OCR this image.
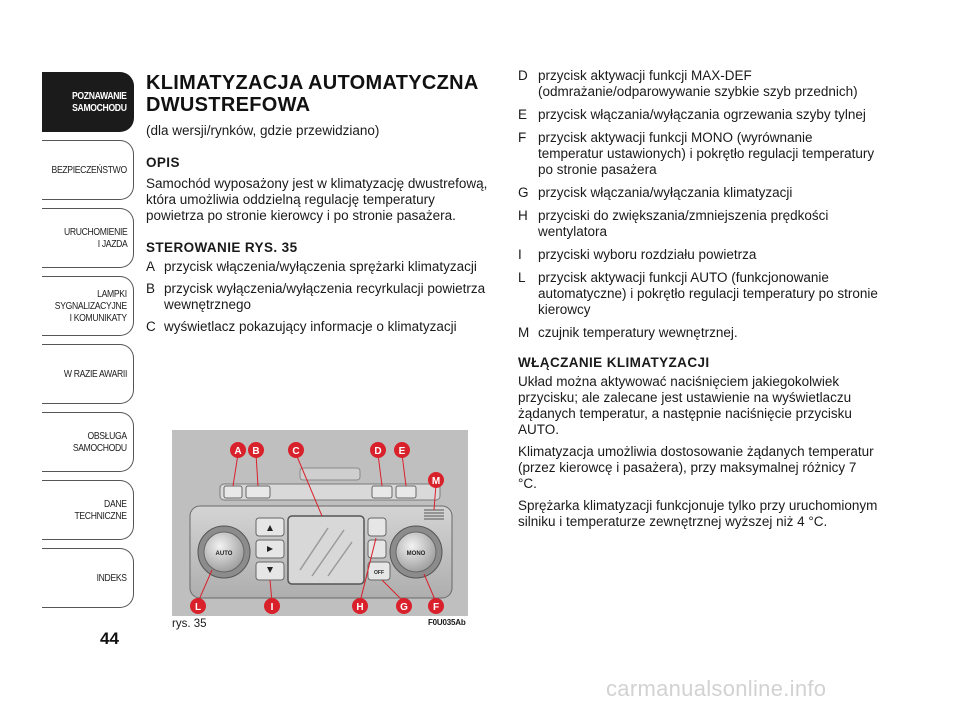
POZNAWANIE
SAMOCHODU
BEZPIECZEŃSTWO
URUCHOMIENIE
I JAZDA
LAMPKI
SYGNALIZACYJNE
I KOMUNIKATY
W RAZIE AWARII
OBSŁUGA
SAMOCHODU
DANE
TECHNICZNE
INDEKS
44
KLIMATYZACJA AUTOMATYCZNA
DWUSTREFOWA

(dla wersji/rynków, gdzie przewidziano)

OPIS

Samochód wyposażony jest w klimatyzację dwustrefową, która umożliwia oddzielną regulację temperatury powietrza po stronie kierowcy i po stronie pasażera.

STEROWANIE RYS. 35
A przycisk włączenia/wyłączenia sprężarki klimatyzacji
B przycisk wyłączenia/wyłączenia recyrkulacji powietrza wewnętrznego
C wyświetlacz pokazujący informacje o klimatyzacji
AUTO	MONO
OFF
A B	C	D E
M
L	I	H	G	F
rys. 35	F0U035Ab
D przycisk aktywacji funkcji MAX-DEF (odmrażanie/odparowywanie szybkie szyb przednich)
E przycisk włączania/wyłączania ogrzewania szyby tylnej
F przycisk aktywacji funkcji MONO (wyrównanie temperatur ustawionych) i pokrętło regulacji temperatury po stronie pasażera
G przycisk włączania/wyłączania klimatyzacji
H przyciski do zwiększania/zmniejszenia prędkości wentylatora
I przyciski wyboru rozdziału powietrza
L przycisk aktywacji funkcji AUTO (funkcjonowanie automatyczne) i pokrętło regulacji temperatury po stronie kierowcy
M czujnik temperatury wewnętrznej.
WŁĄCZANIE KLIMATYZACJI

Układ można aktywować naciśnięciem jakiegokolwiek przycisku; ale zalecane jest ustawienie na wyświetlaczu żądanych temperatur, a następnie naciśnięcie przycisku AUTO.

Klimatyzacja umożliwia dostosowanie żądanych temperatur (przez kierowcę i pasażera), przy maksymalnej różnicy 7 °C.

Sprężarka klimatyzacji funkcjonuje tylko przy uruchomionym silniku i temperaturze zewnętrznej wyższej niż 4 °C.

carmanualsonline.info
